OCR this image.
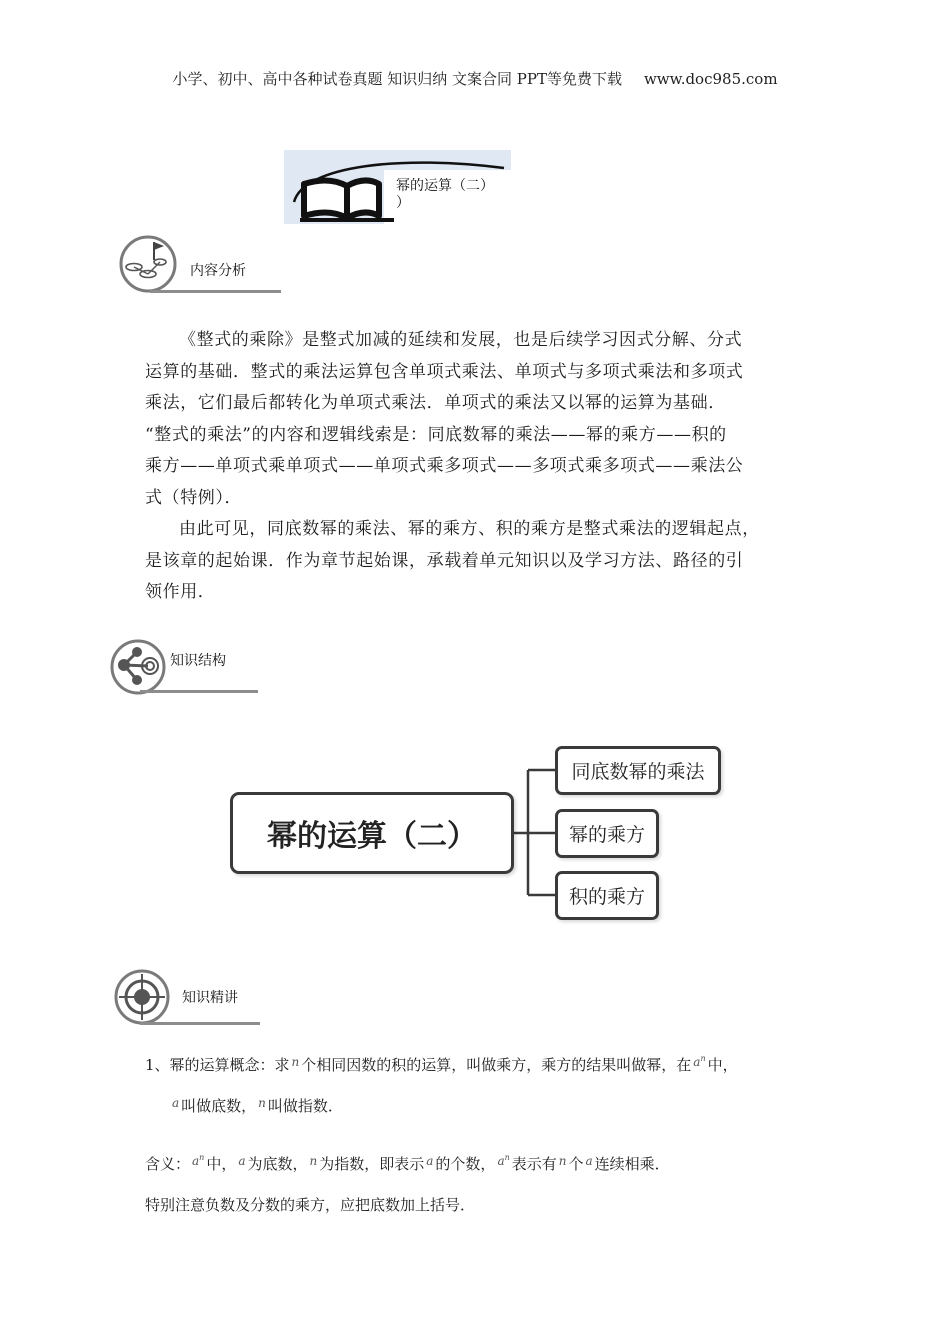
小学、初中、高中各种试卷真题 知识归纳 文案合同 PPT等免费下载 www.doc985.com
幂的运算（二）
）
内容分析

《整式的乘除》是整式加减的延续和发展，也是后续学习因式分解、分式

运算的基础．整式的乘法运算包含单项式乘法、单项式与多项式乘法和多项式

乘法，它们最后都转化为单项式乘法．单项式的乘法又以幂的运算为基础．

“整式的乘法”的内容和逻辑线索是：同底数幂的乘法——幂的乘方——积的

乘方——单项式乘单项式——单项式乘多项式——多项式乘多项式——乘法公

式（特例）．

由此可见，同底数幂的乘法、幂的乘方、积的乘方是整式乘法的逻辑起点，

是该章的起始课．作为章节起始课，承载着单元知识以及学习方法、路径的引

领作用．

知识结构
幂的运算（二）
同底数幂的乘法
幂的乘方
积的乘方
知识精讲
1、幂的运算概念：求 $^n$ 个相同因数的积的运算，叫做乘方，乘方的结果叫做幂，在 $^{a^n}$ 中，
$^a$ 叫做底数， $^n$ 叫做指数．
含义： $^{a^n}$ 中， $^a$ 为底数， $^n$ 为指数，即表示 $^a$ 的个数， $^{a^n}$ 表示有 $^n$ 个 $^a$ 连续相乘．
特别注意负数及分数的乘方，应把底数加上括号．
